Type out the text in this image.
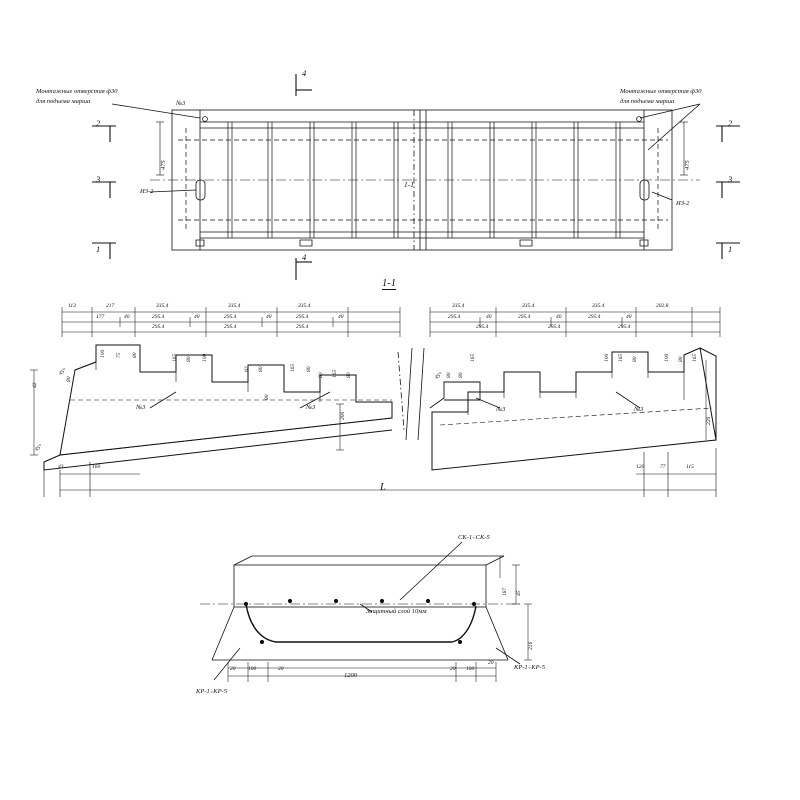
Монтажные отверстия ф30
для подъема марша
Монтажные отверстия ф30
для подъема марша
№3
ИЗ-2
ИЗ-2
2
3
1
2
3
1
4
4
1-1
475	475
1-1
113	217	335.4	335.4	335.4
177	40	295.4	40	295.4	40	295.4	40
295.4	295.4	295.4
335.4	335.4	335.4	202.8
295.4	40	295.4	40	295.4	40
295.4	295.4	295.4
100 75 80	165 80 100
82 80	165 80
80 165 80
42
80
80
200
220
165
80
80
100 165 80	100 80 165
43	160	120	77	115
45°
45°
45°
№3	№3	№3	№3
L
СК-1÷СК-5
Защитный слой 10мм
КР-1÷КР-5
КР-1÷КР-5
45
187
216
20 100	20	20 100
20
1200
